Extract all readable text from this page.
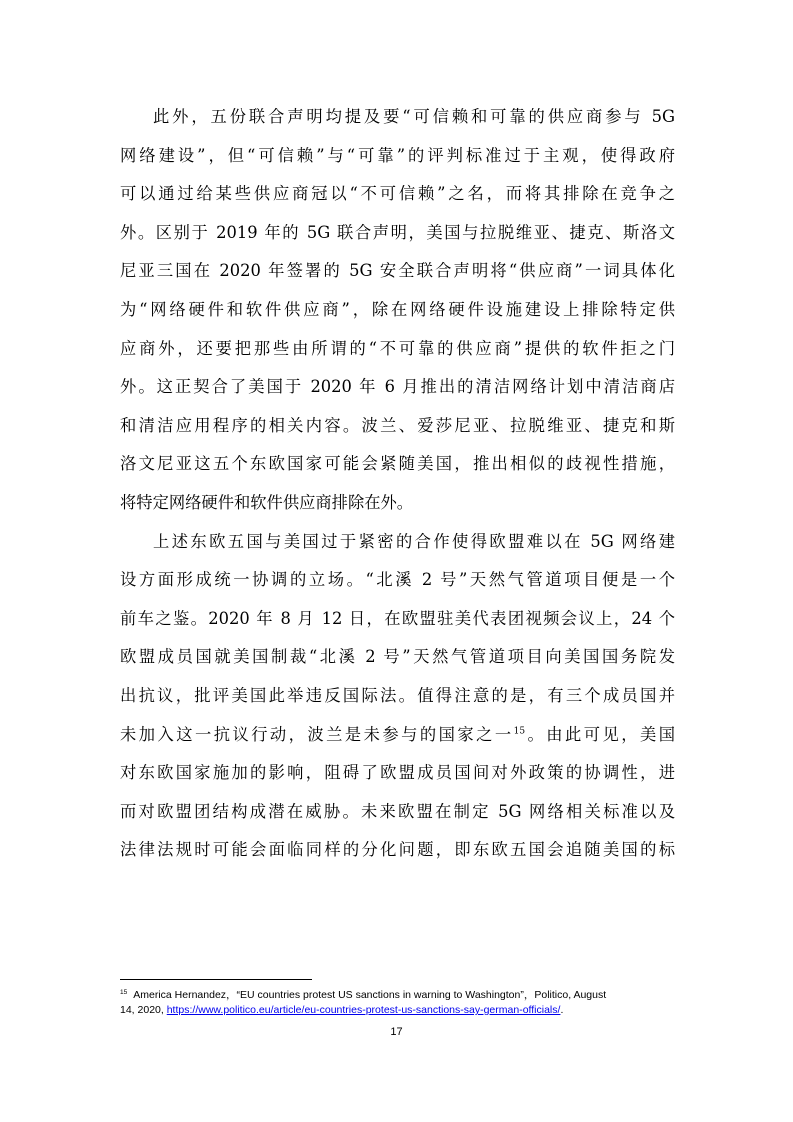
此外，五份联合声明均提及要“可信赖和可靠的供应商参与 5G
网络建设”，但“可信赖”与“可靠”的评判标准过于主观，使得政府
可以通过给某些供应商冠以“不可信赖”之名，而将其排除在竞争之
外。区别于 2019 年的 5G 联合声明，美国与拉脱维亚、捷克、斯洛文
尼亚三国在 2020 年签署的 5G 安全联合声明将“供应商”一词具体化
为“网络硬件和软件供应商”，除在网络硬件设施建设上排除特定供
应商外，还要把那些由所谓的“不可靠的供应商”提供的软件拒之门
外。这正契合了美国于 2020 年 6 月推出的清洁网络计划中清洁商店
和清洁应用程序的相关内容。波兰、爱莎尼亚、拉脱维亚、捷克和斯
洛文尼亚这五个东欧国家可能会紧随美国，推出相似的歧视性措施，
将特定网络硬件和软件供应商排除在外。
上述东欧五国与美国过于紧密的合作使得欧盟难以在 5G 网络建
设方面形成统一协调的立场。“北溪 2 号”天然气管道项目便是一个
前车之鉴。2020 年 8 月 12 日，在欧盟驻美代表团视频会议上，24 个
欧盟成员国就美国制裁“北溪 2 号”天然气管道项目向美国国务院发
出抗议，批评美国此举违反国际法。值得注意的是，有三个成员国并
未加入这一抗议行动，波兰是未参与的国家之一$^{15}$。由此可见，美国
对东欧国家施加的影响，阻碍了欧盟成员国间对外政策的协调性，进
而对欧盟团结构成潜在威胁。未来欧盟在制定 5G 网络相关标准以及
法律法规时可能会面临同样的分化问题，即东欧五国会追随美国的标
$^{15}$ America Hernandez，“EU countries protest US sanctions in warning to Washington”，Politico, August
14, 2020, https://www.politico.eu/article/eu-countries-protest-us-sanctions-say-german-officials/.
17
